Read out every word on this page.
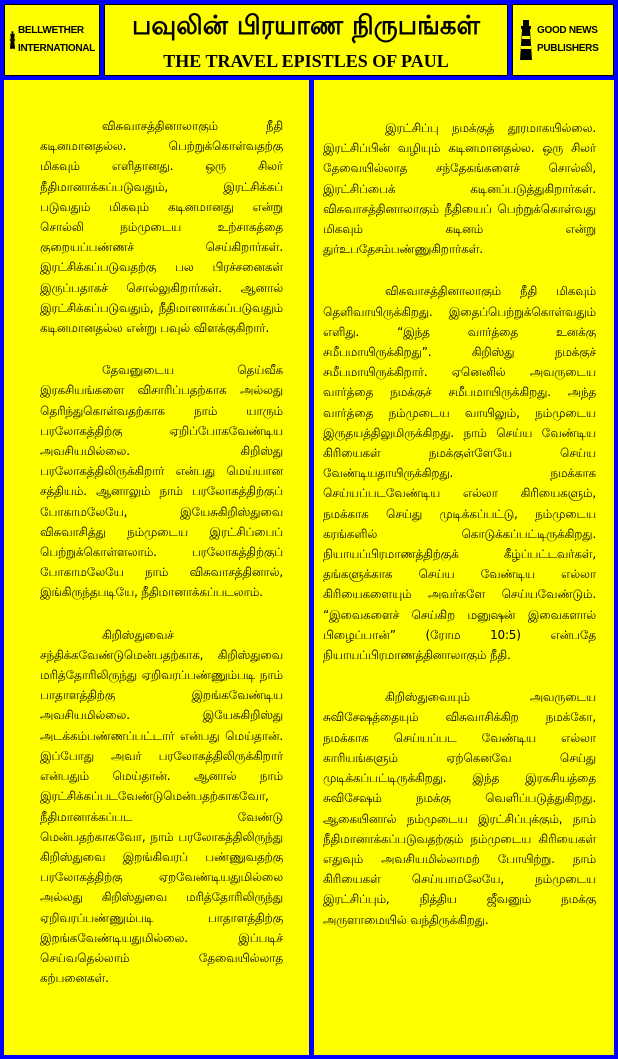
BELLWETHER
INTERNATIONAL
பவுலின் பிரயாண நிருபங்கள்
THE TRAVEL EPISTLES OF PAUL
GOOD NEWS
PUBLISHERS

விசுவாசத்தினாலாகும் நீதி கடினமானதல்ல. பெற்றுக்கொள்வதற்கு மிகவும் எளிதானது. ஒரு சிலர் நீதிமானாக்கப்படுவதும், இரட்சிக்கப் படுவதும் மிகவும் கடினமானது என்று சொல்லி நம்முடைய உற்சாகத்தை குறையப்பண்ணச் செய்கிறார்கள். இரட்சிக்கப்படுவதற்கு பல பிரச்சனைகள் இருப்பதாகச் சொல்லுகிறார்கள். ஆனால் இரட்சிக்கப்படுவதும், நீதிமானாக்கப்படுவதும் கடினமானதல்ல என்று பவுல் விளக்குகிறார்.

தேவனுடைய தெய்வீக இரகசியங்களை விசாரிப்பதற்காக அல்லது தெரிந்துகொள்வதற்காக நாம் யாரும் பரலோகத்திற்கு ஏறிப்போகவேண்டிய அவசியமில்லை. கிறிஸ்து பரலோகத்திலிருக்கிறார் என்பது மெய்யான சத்தியம். ஆனாலும் நாம் பரலோகத்திற்குப் போகாமலேயே, இயேசுகிறிஸ்துவை விசுவாசித்து நம்முடைய இரட்சிப்பைப் பெற்றுக்கொள்ளலாம். பரலோகத்திற்குப் போகாமலேயே நாம் விசுவாசத்தினால், இங்கிருந்தபடியே, நீதிமானாக்கப்படலாம்.

கிறிஸ்துவைச் சந்திக்கவேண்டுமென்பதற்காக, கிறிஸ்துவை மரித்தோரிலிருந்து ஏறிவரப்பண்ணும்படி நாம் பாதாளத்திற்கு இறங்கவேண்டிய அவசியமில்லை. இயேசுகிறிஸ்து அடக்கம்பண்ணப்பட்டார் என்பது மெய்தான். இப்போது அவர் பரலோகத்திலிருக்கிறார் என்பதும் மெய்தான். ஆனால் நாம் இரட்சிக்கப்படவேண்டுமென்பதற்காகவோ, நீதிமானாக்கப்பட வேண்டு மென்பதற்காகவோ, நாம் பரலோகத்திலிருந்து கிறிஸ்துவை இறங்கிவரப் பண்ணுவதற்கு பரலோகத்திற்கு ஏறவேண்டியதுமில்லை அல்லது கிறிஸ்துவை மரித்தோரிலிருந்து ஏறிவரப்பண்ணும்படி பாதாளத்திற்கு இறங்கவேண்டியதுமில்லை. இப்படிச் செய்வதெல்லாம் தேவையில்லாத கற்பனைகள்.

இரட்சிப்பு நமக்குத் தூரமாகயில்லை. இரட்சிப்பின் வழியும் கடினமானதல்ல. ஒரு சிலர் தேவையில்லாத சந்தேகங்களைச் சொல்லி, இரட்சிப்பைக் கடினப்படுத்துகிறார்கள். விசுவாசத்தினாலாகும் நீதியைப் பெற்றுக்கொள்வது மிகவும் கடினம் என்று துர்உபதேசம்பண்ணுகிறார்கள்.

விசுவாசத்தினாலாகும் நீதி மிகவும் தெளிவாயிருக்கிறது. இதைப்பெற்றுக்கொள்வதும் எளிது. “இந்த வார்த்தை உனக்கு சமீபமாயிருக்கிறது”. கிறிஸ்து நமக்குச் சமீபமாயிருக்கிறார். ஏனெனில் அவருடைய வார்த்தை நமக்குச் சமீபமாயிருக்கிறது. அந்த வார்த்தை நம்முடைய வாயிலும், நம்முடைய இருதயத்திலுமிருக்கிறது. நாம் செய்ய வேண்டிய கிரியைகள் நமக்குள்ளேயே செய்ய வேண்டியதாயிருக்கிறது. நமக்காக செய்யப்படவேண்டிய எல்லா கிரியைகளும், நமக்காக செய்து முடிக்கப்பட்டு, நம்முடைய கரங்களில் கொடுக்கப்பட்டிருக்கிறது. நியாயப்பிரமாணத்திற்குக் கீழ்ப்பட்டவர்கள், தங்களுக்காக செய்ய வேண்டிய எல்லா கிரியைகளையும் அவர்களே செய்யவேண்டும். “இவைகளைச் செய்கிற மனுஷன் இவைகளால் பிழைப்பான்” (ரோம 10:5) என்பதே நியாயப்பிரமாணத்தினாலாகும் நீதி.

கிறிஸ்துவையும் அவருடைய சுவிசேஷத்தையும் விசுவாசிக்கிற நமக்கோ, நமக்காக செய்யப்பட வேண்டிய எல்லா காரியங்களும் ஏற்கெனவே செய்து முடிக்கப்பட்டிருக்கிறது. இந்த இரகசியத்தை சுவிசேஷம் நமக்கு வெளிப்படுத்துகிறது. ஆகையினால் நம்முடைய இரட்சிப்புக்கும், நாம் நீதிமானாக்கப்படுவதற்கும் நம்முடைய கிரியைகள் எதுவும் அவசியமில்லாமற் போயிற்று. நாம் கிரியைகள் செய்யாமலேயே, நம்முடைய இரட்சிப்பும், நித்திய ஜீவனும் நமக்கு அருளாமையில் வந்திருக்கிறது.
